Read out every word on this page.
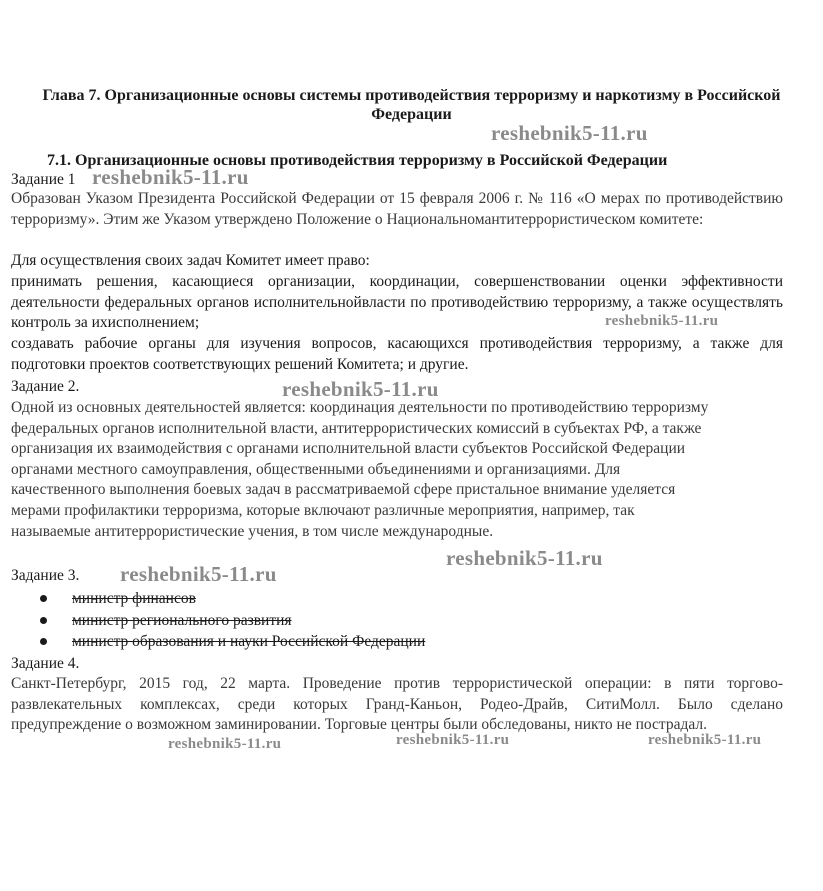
Глава 7. Организационные основы системы противодействия терроризму и наркотизму в Российской Федерации
reshebnik5-11.ru
7.1. Организационные основы противодействия терроризму в Российской Федерации
Задание 1 reshebnik5-11.ru
Образован Указом Президента Российской Федерации от 15 февраля 2006 г. № 116 «О мерах по противодействию терроризму». Этим же Указом утверждено Положение о Национальномантитеррористическом комитете:
Для осуществления своих задач Комитет имеет право:
принимать решения, касающиеся организации, координации, совершенствовании оценки эффективности деятельности федеральных органов исполнительнойвласти по противодействию терроризму, а также осуществлять контроль за ихисполнением;	reshebnik5-11.ru
создавать рабочие органы для изучения вопросов, касающихся противодействия терроризму, а также для подготовки проектов соответствующих решений Комитета; и другие.
Задание 2.	reshebnik5-11.ru
Одной из основных деятельностей является: координация деятельности по противодействию терроризму федеральных органов исполнительной власти, антитеррористических комиссий в субъектах РФ, а также организация их взаимодействия с органами исполнительной власти субъектов Российской Федерации органами местного самоуправления, общественными объединениями и организациями. Для качественного выполнения боевых задач в рассматриваемой сфере пристальное внимание уделяется мерами профилактики терроризма, которые включают различные мероприятия, например, так называемые антитеррористические учения, в том числе международные.
reshebnik5-11.ru
Задание 3. reshebnik5-11.ru
министр финансов
министр регионального развития
министр образования и науки Российской Федерации
Задание 4.
Санкт-Петербург, 2015 год, 22 марта. Проведение против террористической операции: в пяти торгово-развлекательных комплексах, среди которых Гранд-Каньон, Родео-Драйв, СитиМолл. Было сделано предупреждение о возможном заминировании. Торговые центры были обследованы, никто не пострадал.
reshebnik5-11.ru	reshebnik5-11.ru	reshebnik5-11.ru
